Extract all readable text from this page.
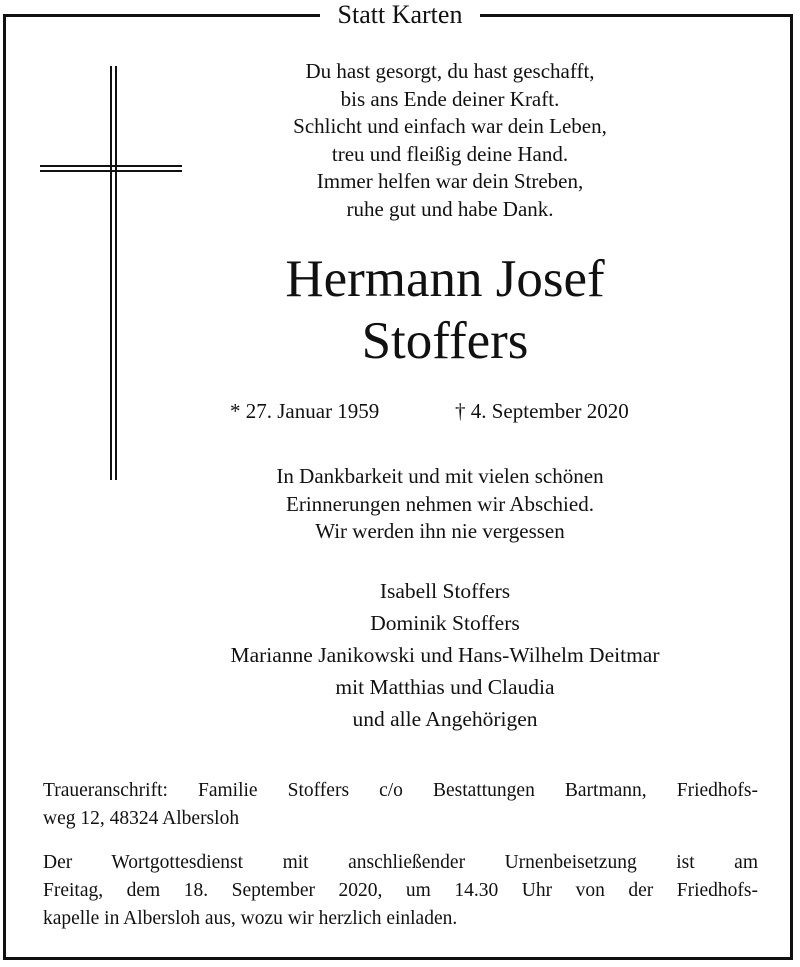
Statt Karten
Du hast gesorgt, du hast geschafft,
bis ans Ende deiner Kraft.
Schlicht und einfach war dein Leben,
treu und fleißig deine Hand.
Immer helfen war dein Streben,
ruhe gut und habe Dank.
Hermann Josef
Stoffers
* 27. Januar 1959	† 4. September 2020
In Dankbarkeit und mit vielen schönen
Erinnerungen nehmen wir Abschied.
Wir werden ihn nie vergessen
Isabell Stoffers
Dominik Stoffers
Marianne Janikowski und Hans-Wilhelm Deitmar
mit Matthias und Claudia
und alle Angehörigen
Traueranschrift: Familie Stoffers c/o Bestattungen Bartmann, Friedhofs-
weg 12, 48324 Albersloh
Der Wortgottesdienst mit anschließender Urnenbeisetzung ist am
Freitag, dem 18. September 2020, um 14.30 Uhr von der Friedhofs-
kapelle in Albersloh aus, wozu wir herzlich einladen.
